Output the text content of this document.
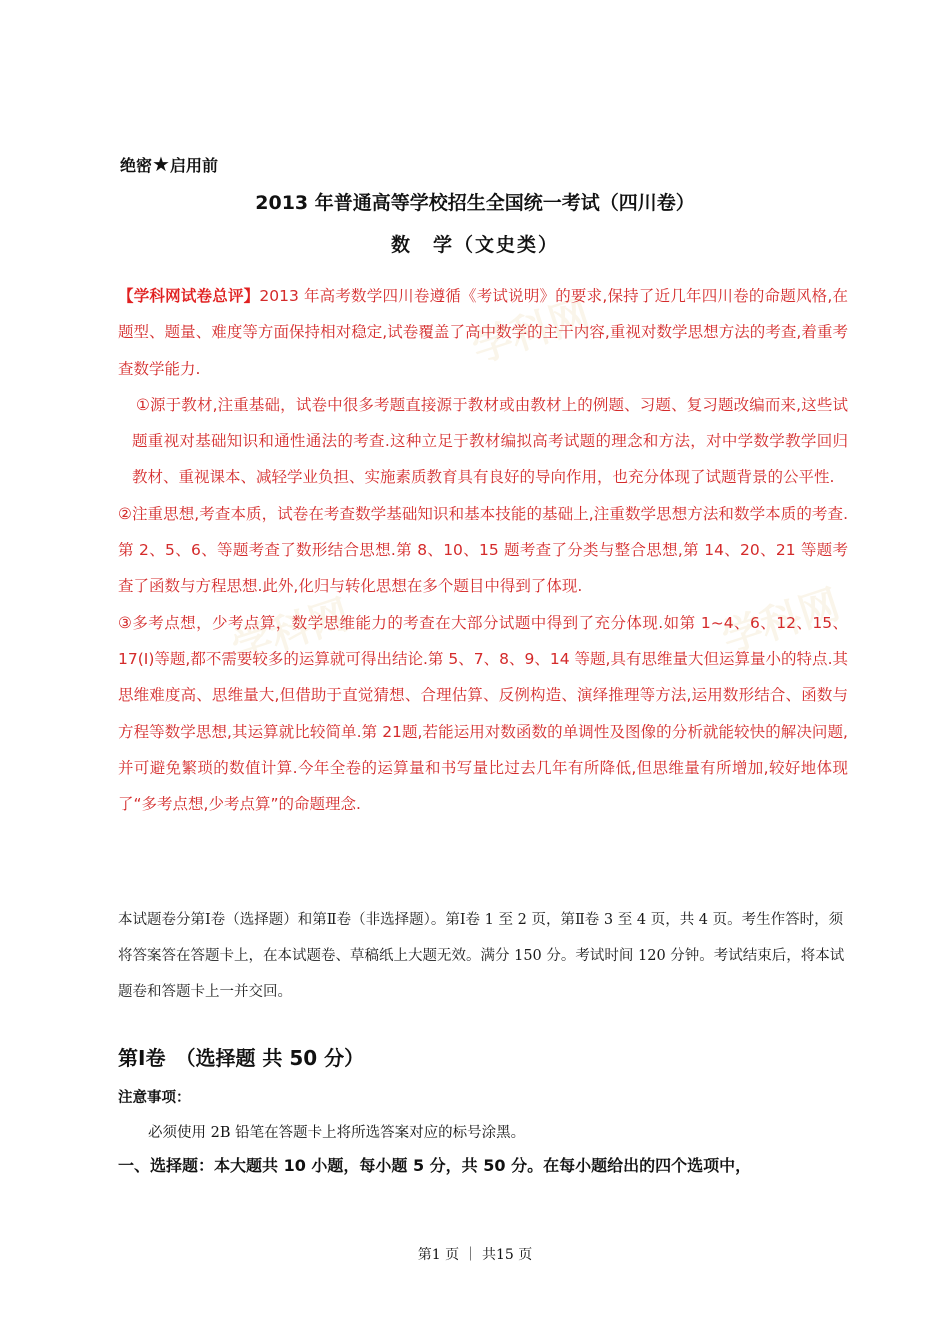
学科网
学科网
学科网
绝密★启用前
2013 年普通高等学校招生全国统一考试（四川卷）
数　学（文史类）

【学科网试卷总评】2013 年高考数学四川卷遵循《考试说明》的要求,保持了近几年四川卷的命题风格,在题型、题量、难度等方面保持相对稳定,试卷覆盖了高中数学的主干内容,重视对数学思想方法的考查,着重考查数学能力.

①源于教材,注重基础，试卷中很多考题直接源于教材或由教材上的例题、习题、复习题改编而来,这些试题重视对基础知识和通性通法的考查.这种立足于教材编拟高考试题的理念和方法，对中学数学教学回归教材、重视课本、减轻学业负担、实施素质教育具有良好的导向作用，也充分体现了试题背景的公平性.

②注重思想,考查本质，试卷在考查数学基础知识和基本技能的基础上,注重数学思想方法和数学本质的考查.第 2、5、6、等题考查了数形结合思想.第 8、10、15 题考查了分类与整合思想,第 14、20、21 等题考查了函数与方程思想.此外,化归与转化思想在多个题目中得到了体现.

③多考点想，少考点算，数学思维能力的考查在大部分试题中得到了充分体现.如第 1~4、6、12、15、17(Ⅰ)等题,都不需要较多的运算就可得出结论.第 5、7、8、9、14 等题,具有思维量大但运算量小的特点.其思维难度高、思维量大,但借助于直觉猜想、合理估算、反例构造、演绎推理等方法,运用数形结合、函数与方程等数学思想,其运算就比较简单.第 21题,若能运用对数函数的单调性及图像的分析就能较快的解决问题,并可避免繁琐的数值计算.今年全卷的运算量和书写量比过去几年有所降低,但思维量有所增加,较好地体现了“多考点想,少考点算”的命题理念.

本试题卷分第Ⅰ卷（选择题）和第Ⅱ卷（非选择题）。第Ⅰ卷 1 至 2 页，第Ⅱ卷 3 至 4 页，共 4 页。考生作答时，须将答案答在答题卡上，在本试题卷、草稿纸上大题无效。满分 150 分。考试时间 120 分钟。考试结束后，将本试题卷和答题卡上一并交回。

第Ⅰ卷　（选择题 共 50 分）
注意事项：
必须使用 2B 铅笔在答题卡上将所选答案对应的标号涂黑。
一、选择题：本大题共 10 小题，每小题 5 分，共 50 分。在每小题给出的四个选项中，
第1 页 ｜ 共15 页
